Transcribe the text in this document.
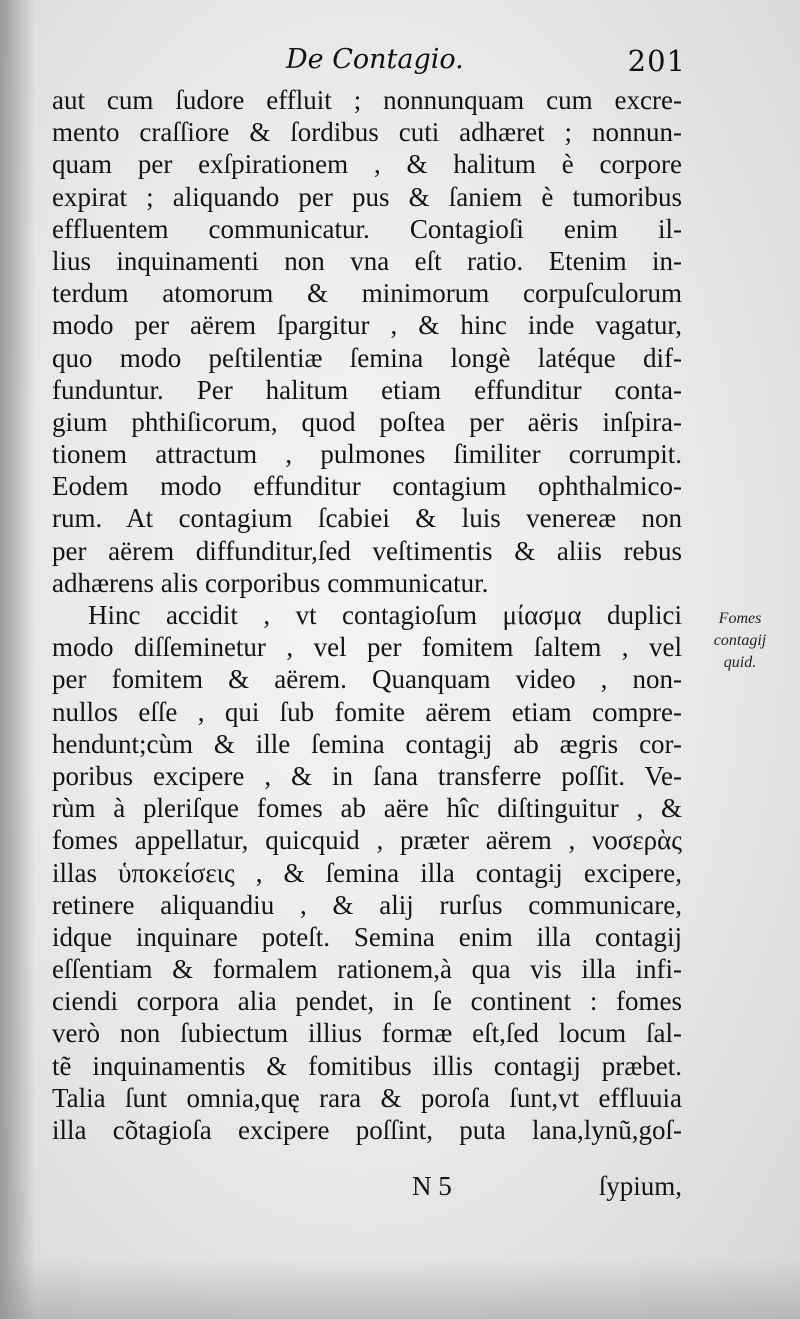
De Contagio.	201
aut cum ſudore effluit ; nonnunquam cum excre-
mento craſſiore & ſordibus cuti adhæret ; nonnun-
quam per exſpirationem , & halitum è corpore
expirat ; aliquando per pus & ſaniem è tumoribus
effluentem communicatur. Contagioſi enim il-
lius inquinamenti non vna eſt ratio. Etenim in-
terdum atomorum & minimorum corpuſculorum
modo per aërem ſpargitur , & hinc inde vagatur,
quo modo peſtilentiæ ſemina longè latéque dif-
funduntur. Per halitum etiam effunditur conta-
gium phthiſicorum, quod poſtea per aëris inſpira-
tionem attractum , pulmones ſimiliter corrumpit.
Eodem modo effunditur contagium ophthalmico-
rum. At contagium ſcabiei & luis venereæ non
per aërem diffunditur,ſed veſtimentis & aliis rebus
adhærens alis corporibus communicatur.
Hinc accidit , vt contagioſum μίασμα duplici
modo diſſeminetur , vel per fomitem ſaltem , vel
per fomitem & aërem. Quanquam video , non-
nullos eſſe , qui ſub fomite aërem etiam compre-
hendunt;cùm & ille ſemina contagij ab ægris cor-
poribus excipere , & in ſana transferre poſſit. Ve-
rùm à pleriſque fomes ab aëre hîc diſtinguitur , &
fomes appellatur, quicquid , præter aërem , νοσερὰς
illas ὑποκείσεις , & ſemina illa contagij excipere,
retinere aliquandiu , & alij rurſus communicare,
idque inquinare poteſt. Semina enim illa contagij
eſſentiam & formalem rationem,à qua vis illa infi-
ciendi corpora alia pendet, in ſe continent : fomes
verò non ſubiectum illius formæ eſt,ſed locum ſal-
tẽ inquinamentis & fomitibus illis contagij præbet.
Talia ſunt omnia,quę rara & poroſa ſunt,vt effluuia
illa cõtagioſa excipere poſſint, puta lana,lynũ,goſ-
Fomes
contagij
quid.
N 5	ſypium,
